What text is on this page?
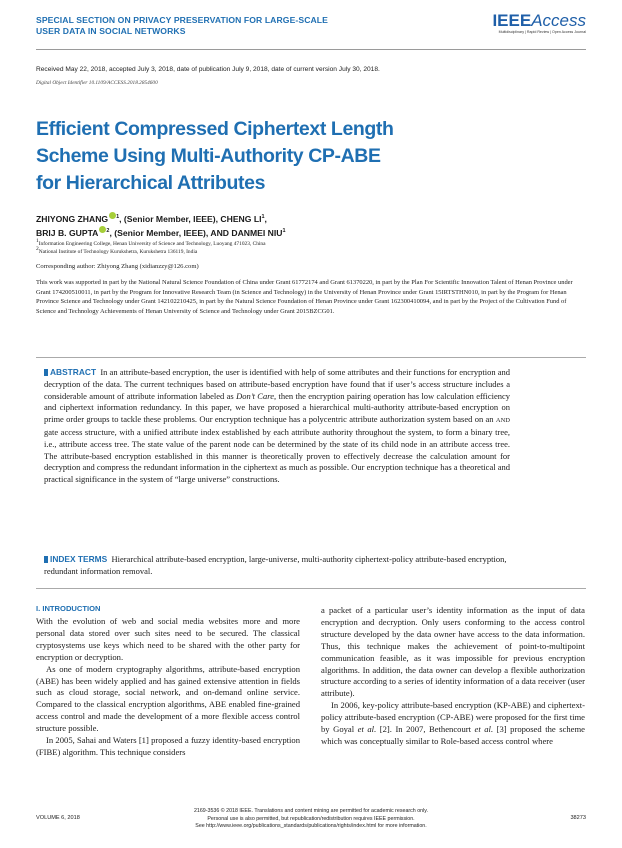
SPECIAL SECTION ON PRIVACY PRESERVATION FOR LARGE-SCALE
USER DATA IN SOCIAL NETWORKS
IEEEAccess
Multidisciplinary | Rapid Review | Open Access Journal
Received May 22, 2018, accepted July 3, 2018, date of publication July 9, 2018, date of current version July 30, 2018.
Digital Object Identifier 10.1109/ACCESS.2018.2854600
Efficient Compressed Ciphertext Length
Scheme Using Multi-Authority CP-ABE
for Hierarchical Attributes
ZHIYONG ZHANG $^1$, (Senior Member, IEEE), CHENG $LI^1$,
BRIJ B. GUPTA $^2$, (Senior Member, IEEE), AND DANMEI NIU$^1$
$^1$Information Engineering College, Henan University of Science and Technology, Luoyang 471023, China
$^2$National Institute of Technology Kurukshetra, Kurukshetra 136119, India
Corresponding author: Zhiyong Zhang (xidianzzy@126.com)
This work was supported in part by the National Natural Science Foundation of China under Grant 61772174 and Grant 61370220, in part by the Plan For Scientific Innovation Talent of Henan Province under Grant 174200510011, in part by the Program for Innovative Research Team (in Science and Technology) in the University of Henan Province under Grant 15IRTSTHN010, in part by the Program for Henan Province Science and Technology under Grant 142102210425, in part by the Natural Science Foundation of Henan Province under Grant 162300410094, and in part by the Project of the Cultivation Fund of Science and Technology Achievements of Henan University of Science and Technology under Grant 2015BZCG01.
ABSTRACT In an attribute-based encryption, the user is identified with help of some attributes and their functions for encryption and decryption of the data. The current techniques based on attribute-based encryption have found that if user’s access structure includes a considerable amount of attribute information labeled as Don’t Care, then the encryption pairing operation has low calculation efficiency and ciphertext information redundancy. In this paper, we have proposed a hierarchical multi-authority attribute-based encryption on prime order groups to tackle these problems. Our encryption technique has a polycentric attribute authorization system based on an AND gate access structure, with a unified attribute index established by each attribute authority throughout the system, to form a binary tree, i.e., attribute access tree. The state value of the parent node can be determined by the state of its child node in an attribute access tree. The attribute-based encryption established in this manner is theoretically proven to effectively decrease the calculation amount for decryption and compress the redundant information in the ciphertext as much as possible. Our encryption technique has a theoretical and practical significance in the system of “large universe” constructions.
INDEX TERMS Hierarchical attribute-based encryption, large-universe, multi-authority ciphertext-policy attribute-based encryption, redundant information removal.
I. INTRODUCTION

With the evolution of web and social media websites more and more personal data stored over such sites need to be secured. The classical cryptosystems use keys which need to be shared with the other party for encryption or decryption.

As one of modern cryptography algorithms, attribute-based encryption (ABE) has been widely applied and has gained extensive attention in fields such as cloud storage, social network, and on-demand online service. Compared to the classical encryption algorithms, ABE enabled fine-grained access control and made the development of a more flexible access control structure possible.

In 2005, Sahai and Waters [1] proposed a fuzzy identity-based encryption (FIBE) algorithm. This technique considers

a packet of a particular user’s identity information as the input of data encryption and decryption. Only users conforming to the access control structure developed by the data owner have access to the data information. Thus, this technique makes the achievement of point-to-multipoint communication feasible, as it was impossible for previous encryption algorithms. In addition, the data owner can develop a flexible authorization structure according to a series of identity information of a data receiver (user attribute).

In 2006, key-policy attribute-based encryption (KP-ABE) and ciphertext-policy attribute-based encryption (CP-ABE) were proposed for the first time by Goyal et al. [2]. In 2007, Bethencourt et al. [3] proposed the scheme which was conceptually similar to Role-based access control where

2169-3536 © 2018 IEEE. Translations and content mining are permitted for academic research only.
Personal use is also permitted, but republication/redistribution requires IEEE permission.
See http://www.ieee.org/publications_standards/publications/rights/index.html for more information.
VOLUME 6, 2018	38273
